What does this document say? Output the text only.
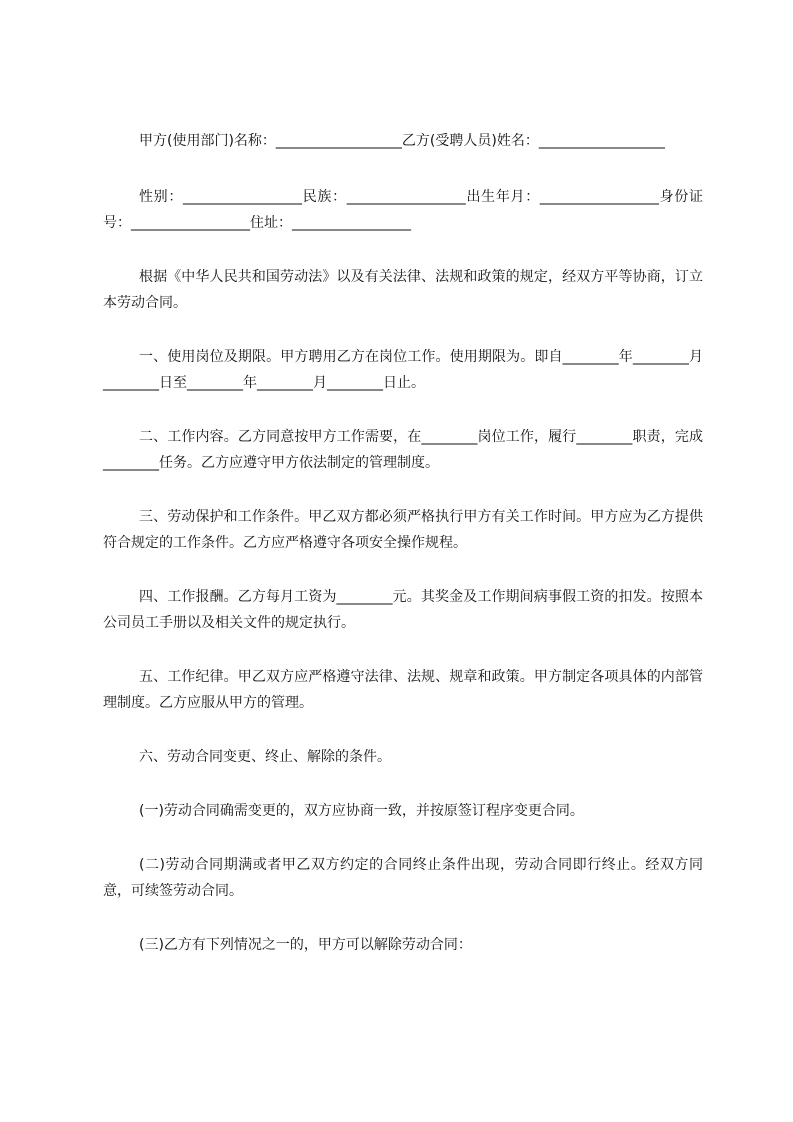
甲方(使用部门)名称：__________________乙方(受聘人员)姓名：__________________

性别：_________________民族：_________________出生年月：_________________身份证号：_________________住址：_________________

根据《中华人民共和国劳动法》以及有关法律、法规和政策的规定，经双方平等协商，订立本劳动合同。

一、使用岗位及期限。甲方聘用乙方在岗位工作。使用期限为。即自________年________月________日至________年________月________日止。

二、工作内容。乙方同意按甲方工作需要，在________岗位工作，履行________职责，完成________任务。乙方应遵守甲方依法制定的管理制度。

三、劳动保护和工作条件。甲乙双方都必须严格执行甲方有关工作时间。甲方应为乙方提供符合规定的工作条件。乙方应严格遵守各项安全操作规程。

四、工作报酬。乙方每月工资为________元。其奖金及工作期间病事假工资的扣发。按照本公司员工手册以及相关文件的规定执行。

五、工作纪律。甲乙双方应严格遵守法律、法规、规章和政策。甲方制定各项具体的内部管理制度。乙方应服从甲方的管理。

六、劳动合同变更、终止、解除的条件。

(一)劳动合同确需变更的，双方应协商一致，并按原签订程序变更合同。

(二)劳动合同期满或者甲乙双方约定的合同终止条件出现，劳动合同即行终止。经双方同意，可续签劳动合同。

(三)乙方有下列情况之一的，甲方可以解除劳动合同：
